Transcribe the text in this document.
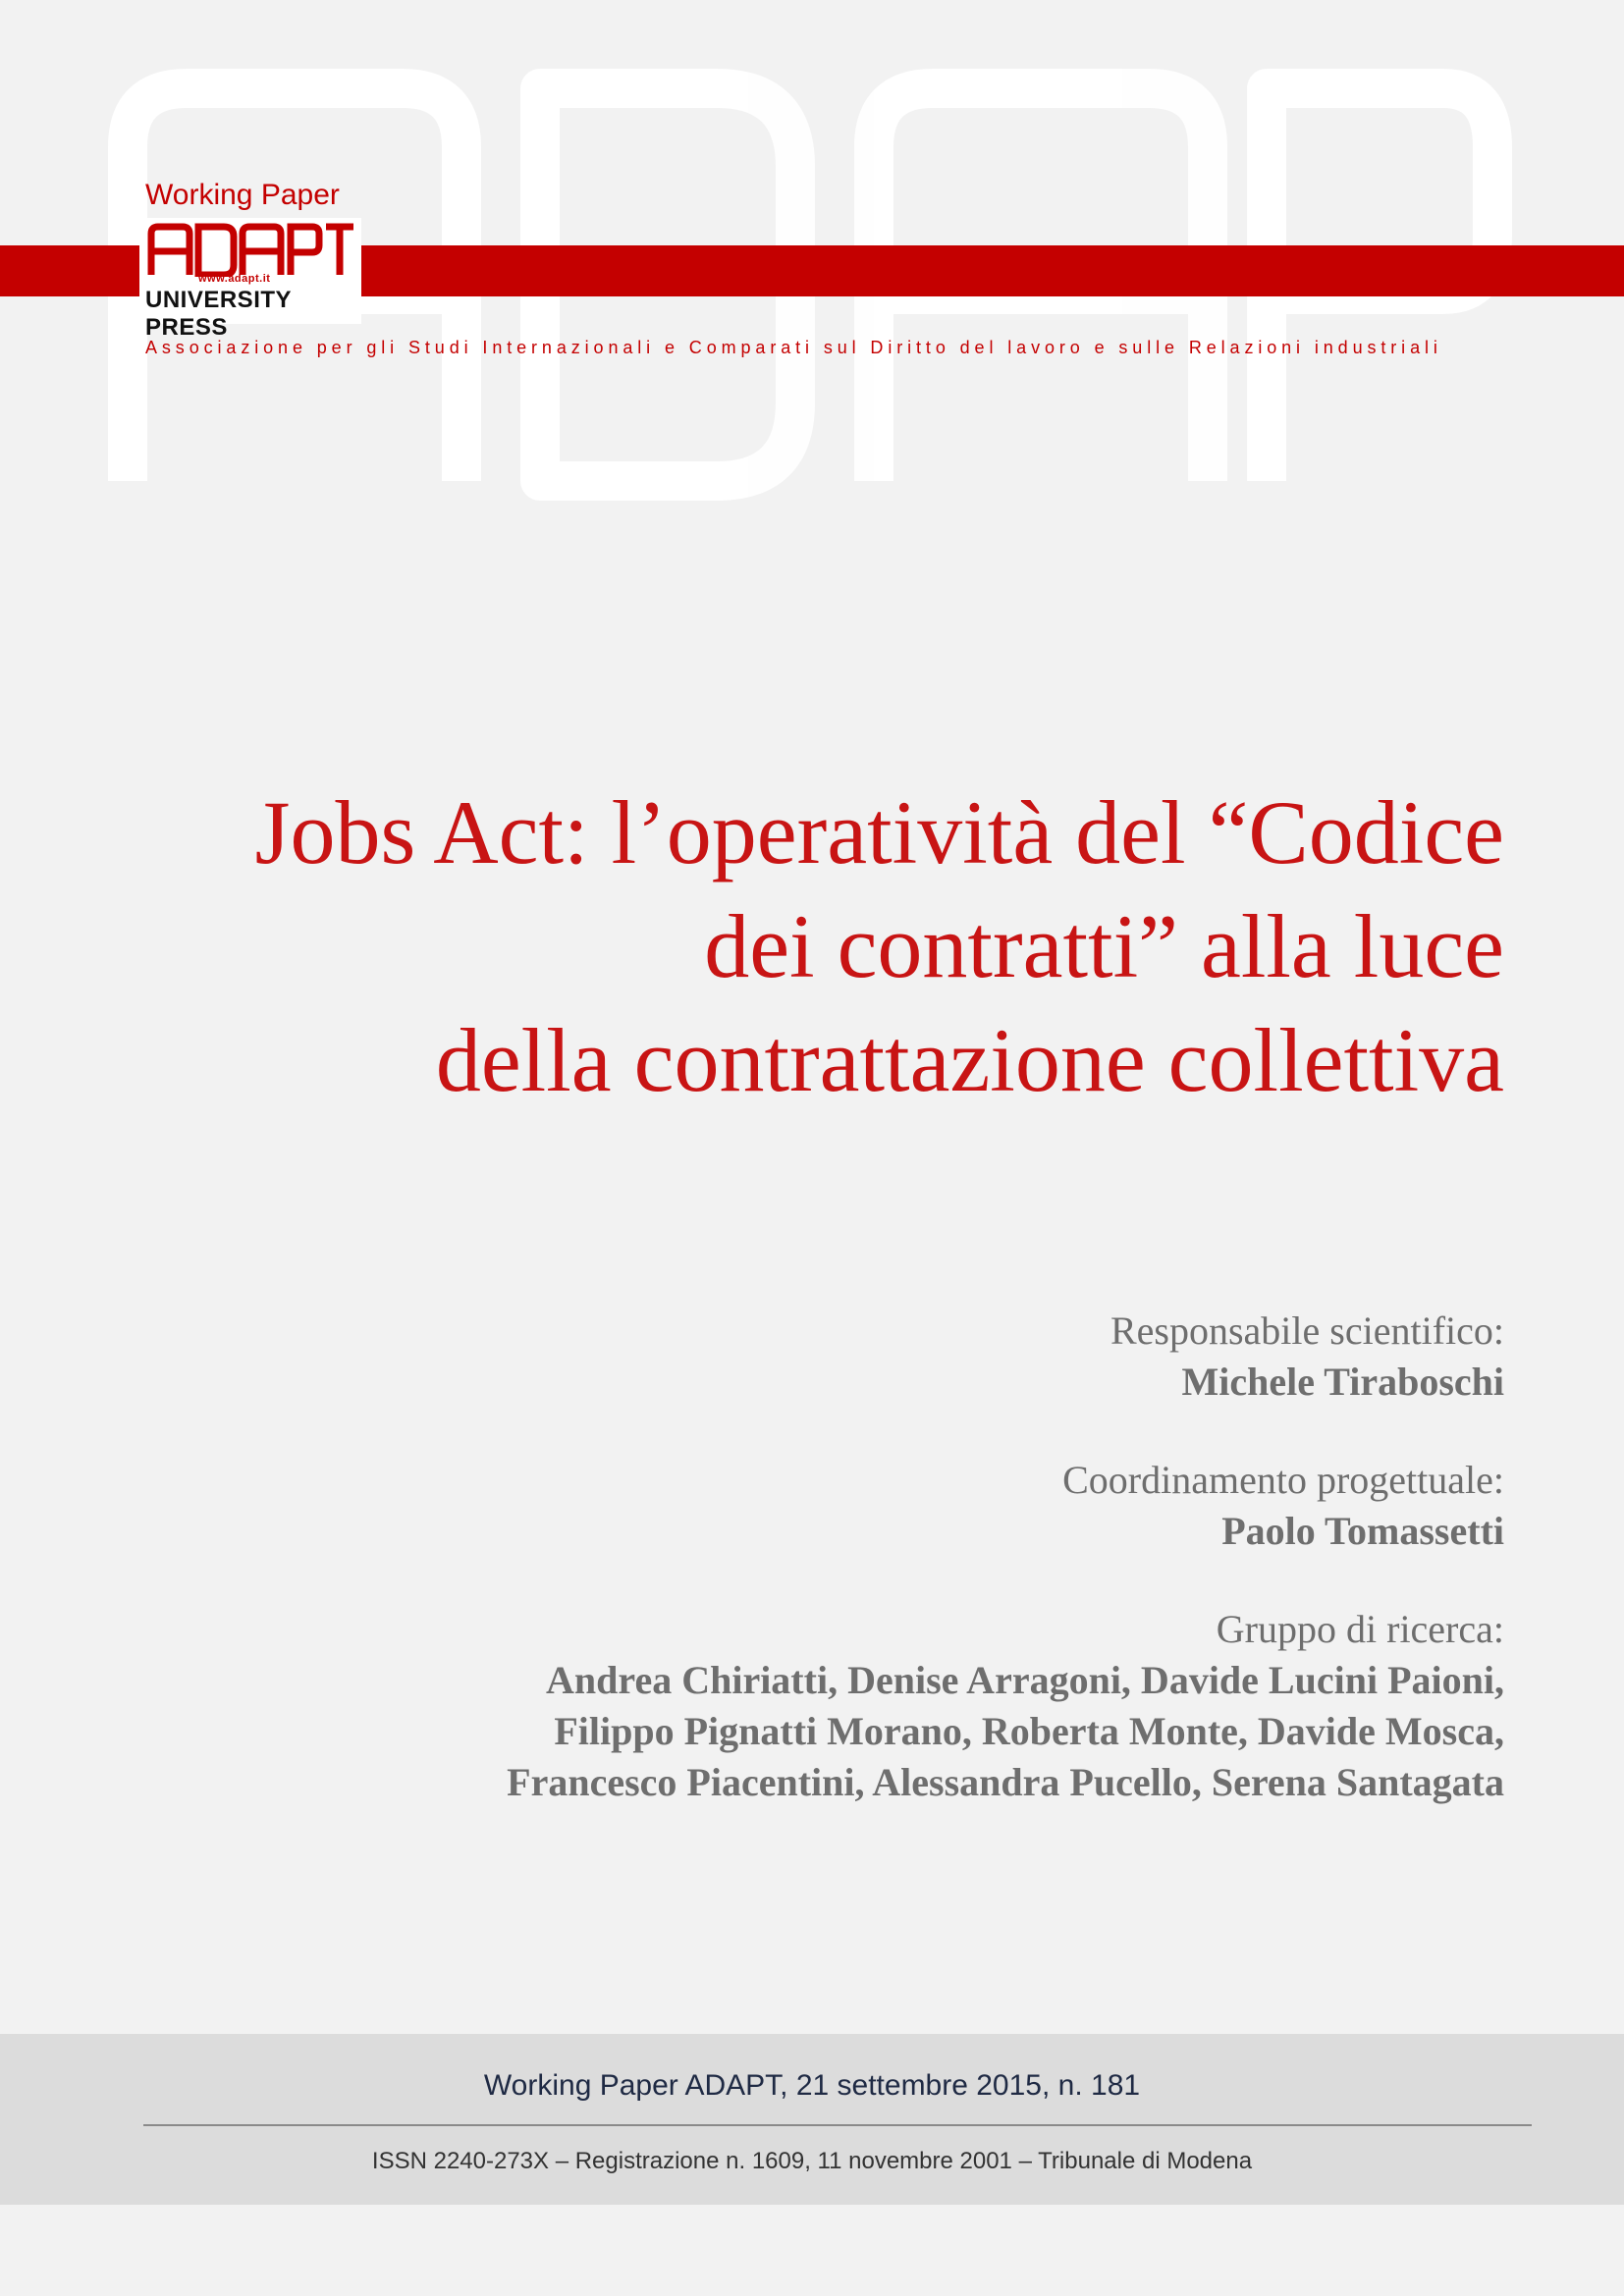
Working Paper
www.adapt.it
UNIVERSITY PRESS
Associazione per gli Studi Internazionali e Comparati sul Diritto del lavoro e sulle Relazioni industriali
Jobs Act: l’operatività del “Codice
dei contratti” alla luce
della contrattazione collettiva
Responsabile scientifico:
Michele Tiraboschi
Coordinamento progettuale:
Paolo Tomassetti
Gruppo di ricerca:
Andrea Chiriatti, Denise Arragoni, Davide Lucini Paioni,
Filippo Pignatti Morano, Roberta Monte, Davide Mosca,
Francesco Piacentini, Alessandra Pucello, Serena Santagata
Working Paper ADAPT, 21 settembre 2015, n. 181
ISSN 2240-273X – Registrazione n. 1609, 11 novembre 2001 – Tribunale di Modena
